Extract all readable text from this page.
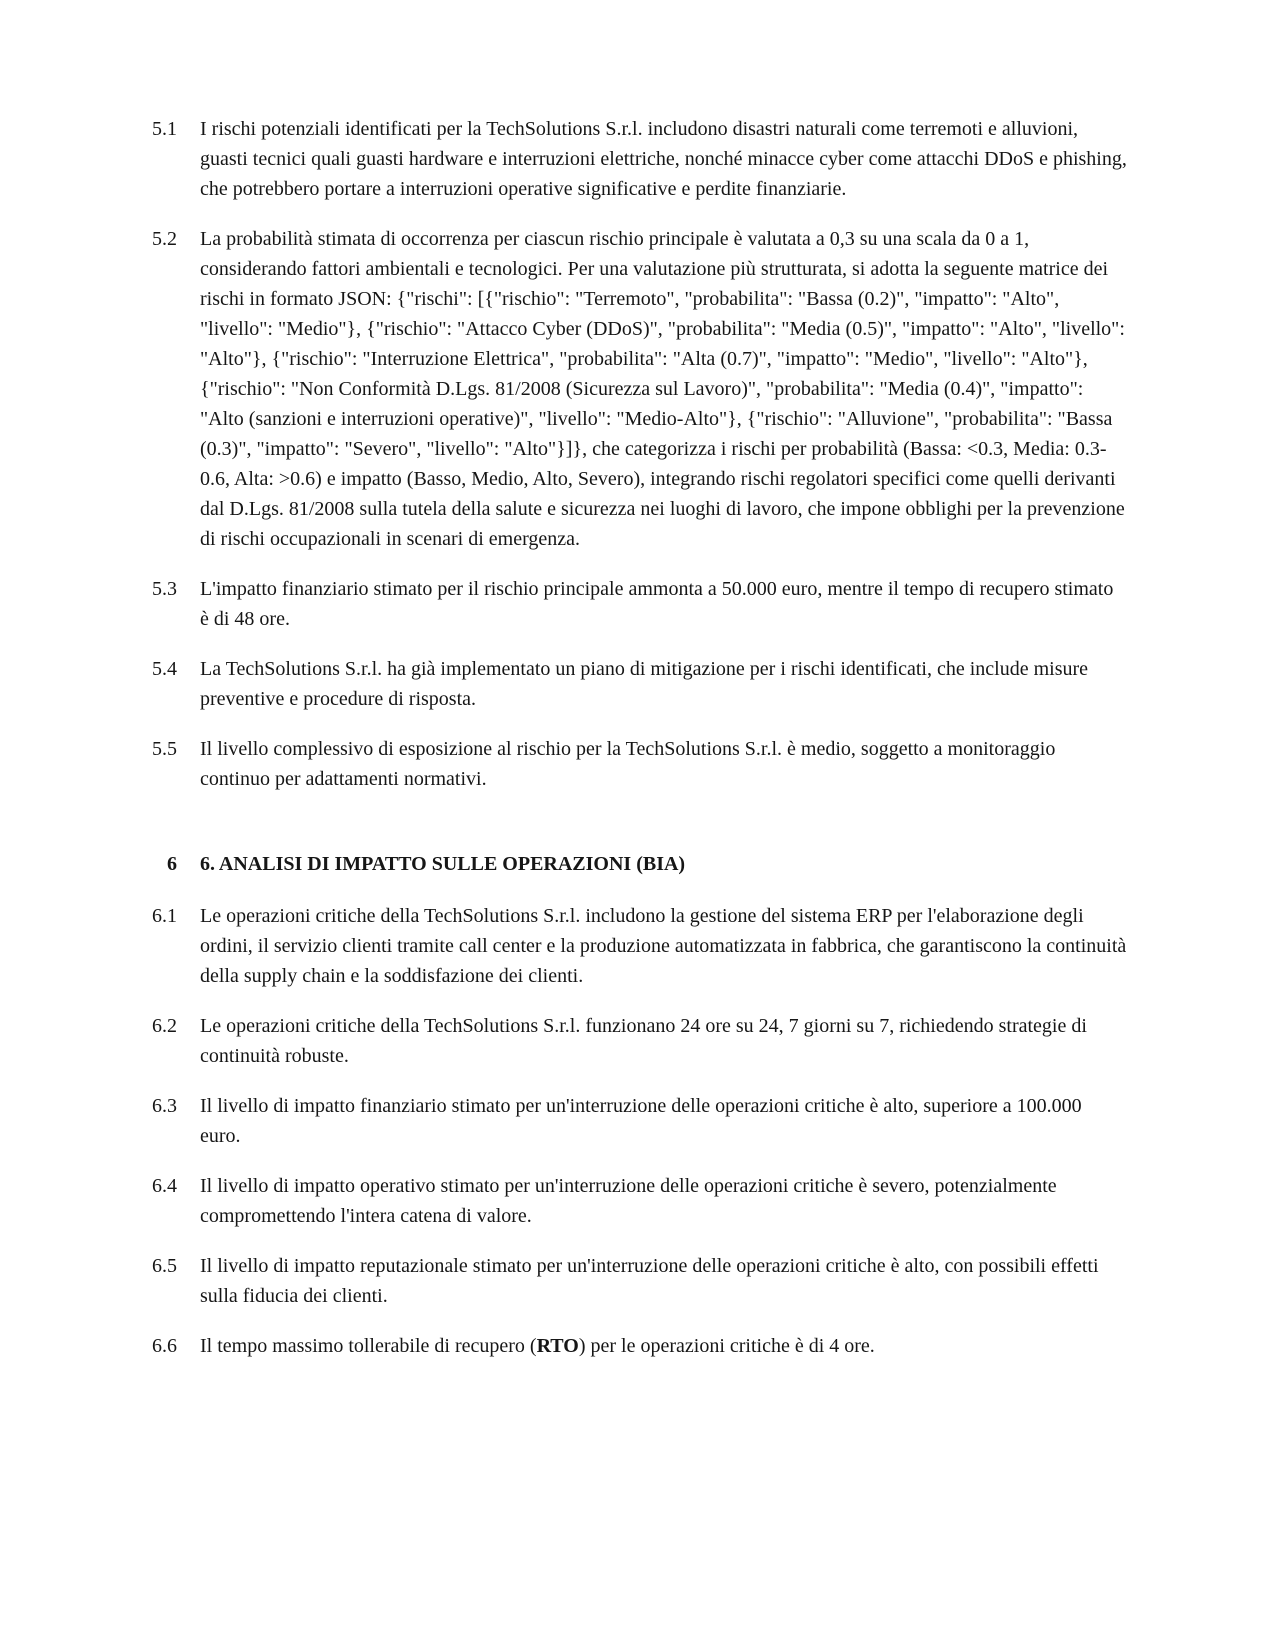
5.1 I rischi potenziali identificati per la TechSolutions S.r.l. includono disastri naturali come terremoti e alluvioni, guasti tecnici quali guasti hardware e interruzioni elettriche, nonché minacce cyber come attacchi DDoS e phishing, che potrebbero portare a interruzioni operative significative e perdite finanziarie.
5.2 La probabilità stimata di occorrenza per ciascun rischio principale è valutata a 0,3 su una scala da 0 a 1, considerando fattori ambientali e tecnologici. Per una valutazione più strutturata, si adotta la seguente matrice dei rischi in formato JSON: {"rischi": [{"rischio": "Terremoto", "probabilita": "Bassa (0.2)", "impatto": "Alto", "livello": "Medio"}, {"rischio": "Attacco Cyber (DDoS)", "probabilita": "Media (0.5)", "impatto": "Alto", "livello": "Alto"}, {"rischio": "Interruzione Elettrica", "probabilita": "Alta (0.7)", "impatto": "Medio", "livello": "Alto"}, {"rischio": "Non Conformità D.Lgs. 81/2008 (Sicurezza sul Lavoro)", "probabilita": "Media (0.4)", "impatto": "Alto (sanzioni e interruzioni operative)", "livello": "Medio-Alto"}, {"rischio": "Alluvione", "probabilita": "Bassa (0.3)", "impatto": "Severo", "livello": "Alto"}]}, che categorizza i rischi per probabilità (Bassa: <0.3, Media: 0.3-0.6, Alta: >0.6) e impatto (Basso, Medio, Alto, Severo), integrando rischi regolatori specifici come quelli derivanti dal D.Lgs. 81/2008 sulla tutela della salute e sicurezza nei luoghi di lavoro, che impone obblighi per la prevenzione di rischi occupazionali in scenari di emergenza.
5.3 L'impatto finanziario stimato per il rischio principale ammonta a 50.000 euro, mentre il tempo di recupero stimato è di 48 ore.
5.4 La TechSolutions S.r.l. ha già implementato un piano di mitigazione per i rischi identificati, che include misure preventive e procedure di risposta.
5.5 Il livello complessivo di esposizione al rischio per la TechSolutions S.r.l. è medio, soggetto a monitoraggio continuo per adattamenti normativi.
6 6. ANALISI DI IMPATTO SULLE OPERAZIONI (BIA)
6.1 Le operazioni critiche della TechSolutions S.r.l. includono la gestione del sistema ERP per l'elaborazione degli ordini, il servizio clienti tramite call center e la produzione automatizzata in fabbrica, che garantiscono la continuità della supply chain e la soddisfazione dei clienti.
6.2 Le operazioni critiche della TechSolutions S.r.l. funzionano 24 ore su 24, 7 giorni su 7, richiedendo strategie di continuità robuste.
6.3 Il livello di impatto finanziario stimato per un'interruzione delle operazioni critiche è alto, superiore a 100.000 euro.
6.4 Il livello di impatto operativo stimato per un'interruzione delle operazioni critiche è severo, potenzialmente compromettendo l'intera catena di valore.
6.5 Il livello di impatto reputazionale stimato per un'interruzione delle operazioni critiche è alto, con possibili effetti sulla fiducia dei clienti.
6.6 Il tempo massimo tollerabile di recupero (RTO) per le operazioni critiche è di 4 ore.
